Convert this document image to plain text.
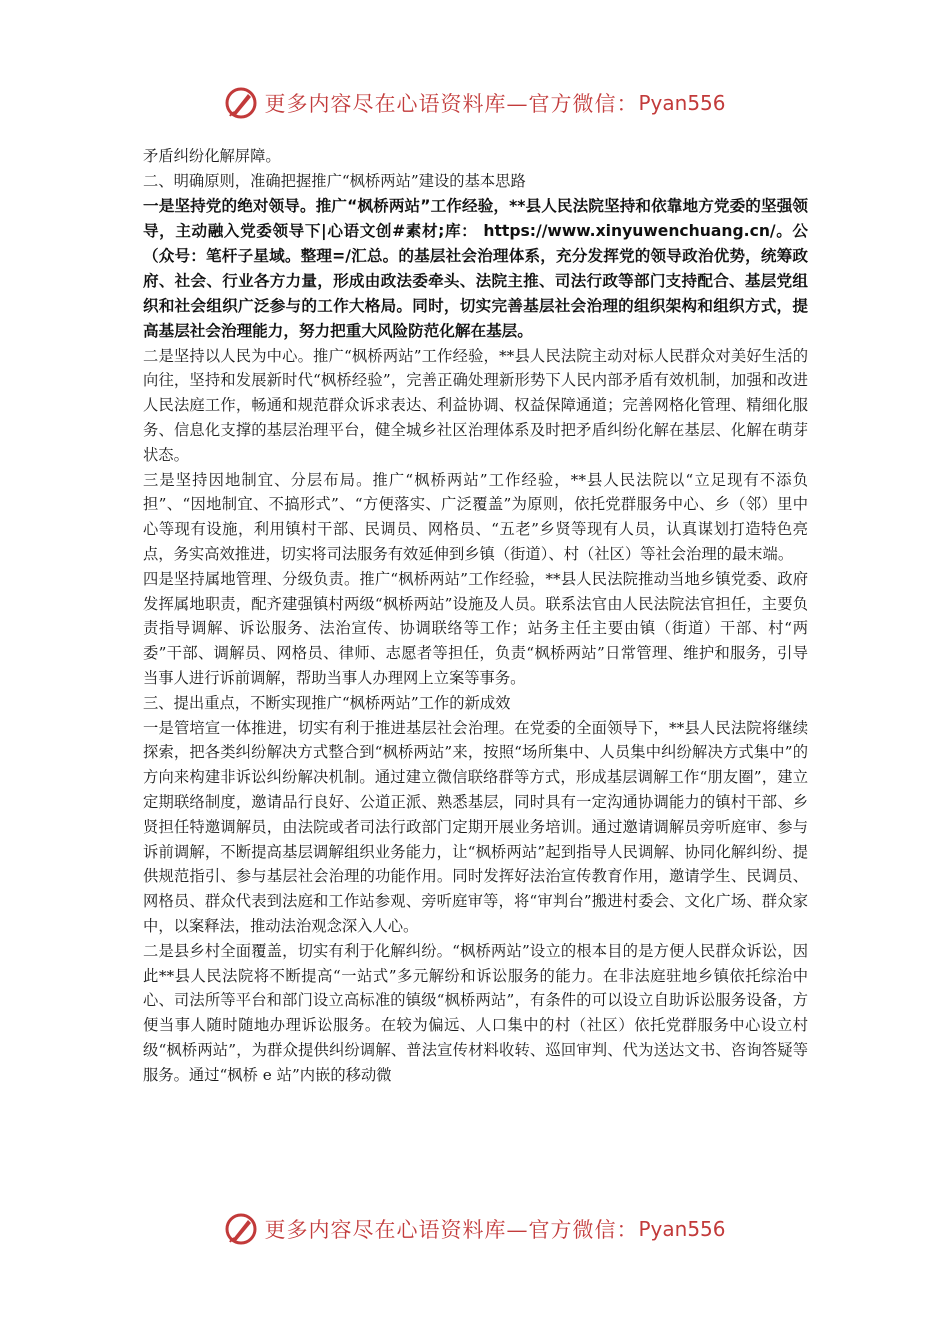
更多内容尽在心语资料库—官方微信： Pyan556

矛盾纠纷化解屏障。

二、明确原则，准确把握推广“枫桥两站”建设的基本思路

一是坚持党的绝对领导。推广“枫桥两站”工作经验，**县人民法院坚持和依靠地方党委的坚强领导，主动融入党委领导下|心语文创#素材;库： https://www.xinyuwenchuang.cn/。公（众号：笔杆子星域。整理=/汇总。的基层社会治理体系，充分发挥党的领导政治优势，统筹政府、社会、行业各方力量，形成由政法委牵头、法院主推、司法行政等部门支持配合、基层党组织和社会组织广泛参与的工作大格局。同时，切实完善基层社会治理的组织架构和组织方式，提高基层社会治理能力，努力把重大风险防范化解在基层。

二是坚持以人民为中心。推广“枫桥两站”工作经验，**县人民法院主动对标人民群众对美好生活的向往，坚持和发展新时代“枫桥经验”，完善正确处理新形势下人民内部矛盾有效机制，加强和改进人民法庭工作，畅通和规范群众诉求表达、利益协调、权益保障通道；完善网格化管理、精细化服务、信息化支撑的基层治理平台，健全城乡社区治理体系及时把矛盾纠纷化解在基层、化解在萌芽状态。

三是坚持因地制宜、分层布局。推广“枫桥两站”工作经验，**县人民法院以“立足现有不添负担”、“因地制宜、不搞形式”、“方便落实、广泛覆盖”为原则，依托党群服务中心、乡（邻）里中心等现有设施，利用镇村干部、民调员、网格员、“五老”乡贤等现有人员，认真谋划打造特色亮点，务实高效推进，切实将司法服务有效延伸到乡镇（街道）、村（社区）等社会治理的最末端。

四是坚持属地管理、分级负责。推广“枫桥两站”工作经验，**县人民法院推动当地乡镇党委、政府发挥属地职责，配齐建强镇村两级“枫桥两站”设施及人员。联系法官由人民法院法官担任，主要负责指导调解、诉讼服务、法治宣传、协调联络等工作；站务主任主要由镇（街道）干部、村“两委”干部、调解员、网格员、律师、志愿者等担任，负责“枫桥两站”日常管理、维护和服务，引导当事人进行诉前调解，帮助当事人办理网上立案等事务。

三、提出重点，不断实现推广“枫桥两站”工作的新成效

一是管培宣一体推进，切实有利于推进基层社会治理。在党委的全面领导下，**县人民法院将继续探索，把各类纠纷解决方式整合到“枫桥两站”来，按照“场所集中、人员集中纠纷解决方式集中”的方向来构建非诉讼纠纷解决机制。通过建立微信联络群等方式，形成基层调解工作“朋友圈”，建立定期联络制度，邀请品行良好、公道正派、熟悉基层，同时具有一定沟通协调能力的镇村干部、乡贤担任特邀调解员，由法院或者司法行政部门定期开展业务培训。通过邀请调解员旁听庭审、参与诉前调解，不断提高基层调解组织业务能力，让“枫桥两站”起到指导人民调解、协同化解纠纷、提供规范指引、参与基层社会治理的功能作用。同时发挥好法治宣传教育作用，邀请学生、民调员、网格员、群众代表到法庭和工作站参观、旁听庭审等，将“审判台”搬进村委会、文化广场、群众家中，以案释法，推动法治观念深入人心。

二是县乡村全面覆盖，切实有利于化解纠纷。“枫桥两站”设立的根本目的是方便人民群众诉讼，因此**县人民法院将不断提高“一站式”多元解纷和诉讼服务的能力。在非法庭驻地乡镇依托综治中心、司法所等平台和部门设立高标准的镇级“枫桥两站”，有条件的可以设立自助诉讼服务设备，方便当事人随时随地办理诉讼服务。在较为偏远、人口集中的村（社区）依托党群服务中心设立村级“枫桥两站”，为群众提供纠纷调解、普法宣传材料收转、巡回审判、代为送达文书、咨询答疑等服务。通过“枫桥 e 站”内嵌的移动微

更多内容尽在心语资料库—官方微信： Pyan556
